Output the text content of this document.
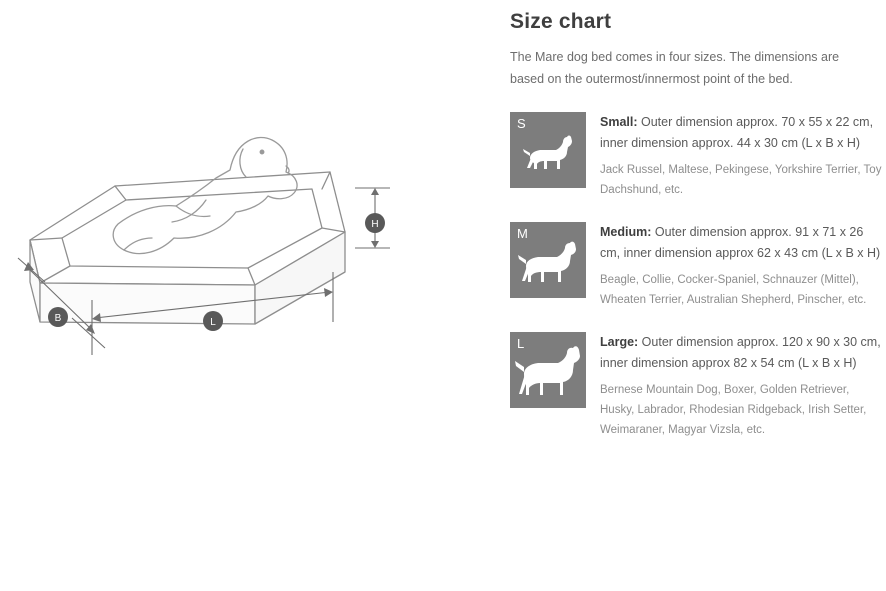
H
L
B
Size chart

The Mare dog bed comes in four sizes. The dimensions are based on the outermost/innermost point of the bed.

S	Small: Outer dimension approx. 70 x 55 x 22 cm, inner dimension approx. 44 x 30 cm (L x B x H)

Jack Russel, Maltese, Pekingese, Yorkshire Terrier, Toy Dachshund, etc.

M	Medium: Outer dimension approx. 91 x 71 x 26 cm, inner dimension approx 62 x 43 cm (L x B x H)

Beagle, Collie, Cocker-Spaniel, Schnauzer (Mittel), Wheaten Terrier, Australian Shepherd, Pinscher, etc.

L	Large: Outer dimension approx. 120 x 90 x 30 cm, inner dimension approx 82 x 54 cm (L x B x H)

Bernese Mountain Dog, Boxer, Golden Retriever, Husky, Labrador, Rhodesian Ridgeback, Irish Setter, Weimaraner, Magyar Vizsla, etc.
